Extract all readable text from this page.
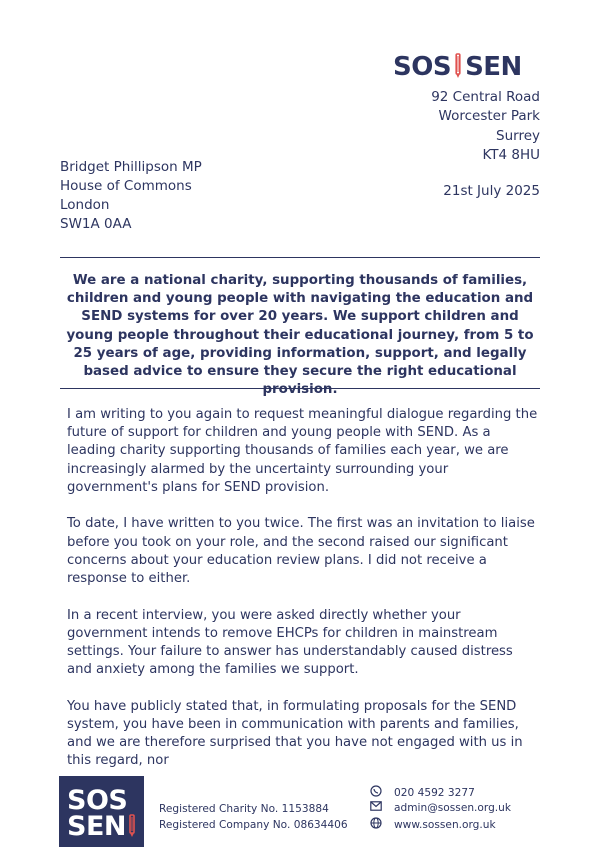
SOS SEN
92 Central Road
Worcester Park
Surrey
KT4 8HU
21st July 2025
Bridget Phillipson MP
House of Commons
London
SW1A 0AA
We are a national charity, supporting thousands of families, children and young people with navigating the education and SEND systems for over 20 years. We support children and young people throughout their educational journey, from 5 to 25 years of age, providing information, support, and legally based advice to ensure they secure the right educational provision.

I am writing to you again to request meaningful dialogue regarding the future of support for children and young people with SEND. As a leading charity supporting thousands of families each year, we are increasingly alarmed by the uncertainty surrounding your government's plans for SEND provision.

To date, I have written to you twice. The first was an invitation to liaise before you took on your role, and the second raised our significant concerns about your education review plans. I did not receive a response to either.

In a recent interview, you were asked directly whether your government intends to remove EHCPs for children in mainstream settings. Your failure to answer has understandably caused distress and anxiety among the families we support.

You have publicly stated that, in formulating proposals for the SEND system, you have been in communication with parents and families, and we are therefore surprised that you have not engaged with us in this regard, nor

SOS
SEN
Registered Charity No. 1153884
Registered Company No. 08634406
020 4592 3277
admin@sossen.org.uk
www.sossen.org.uk
